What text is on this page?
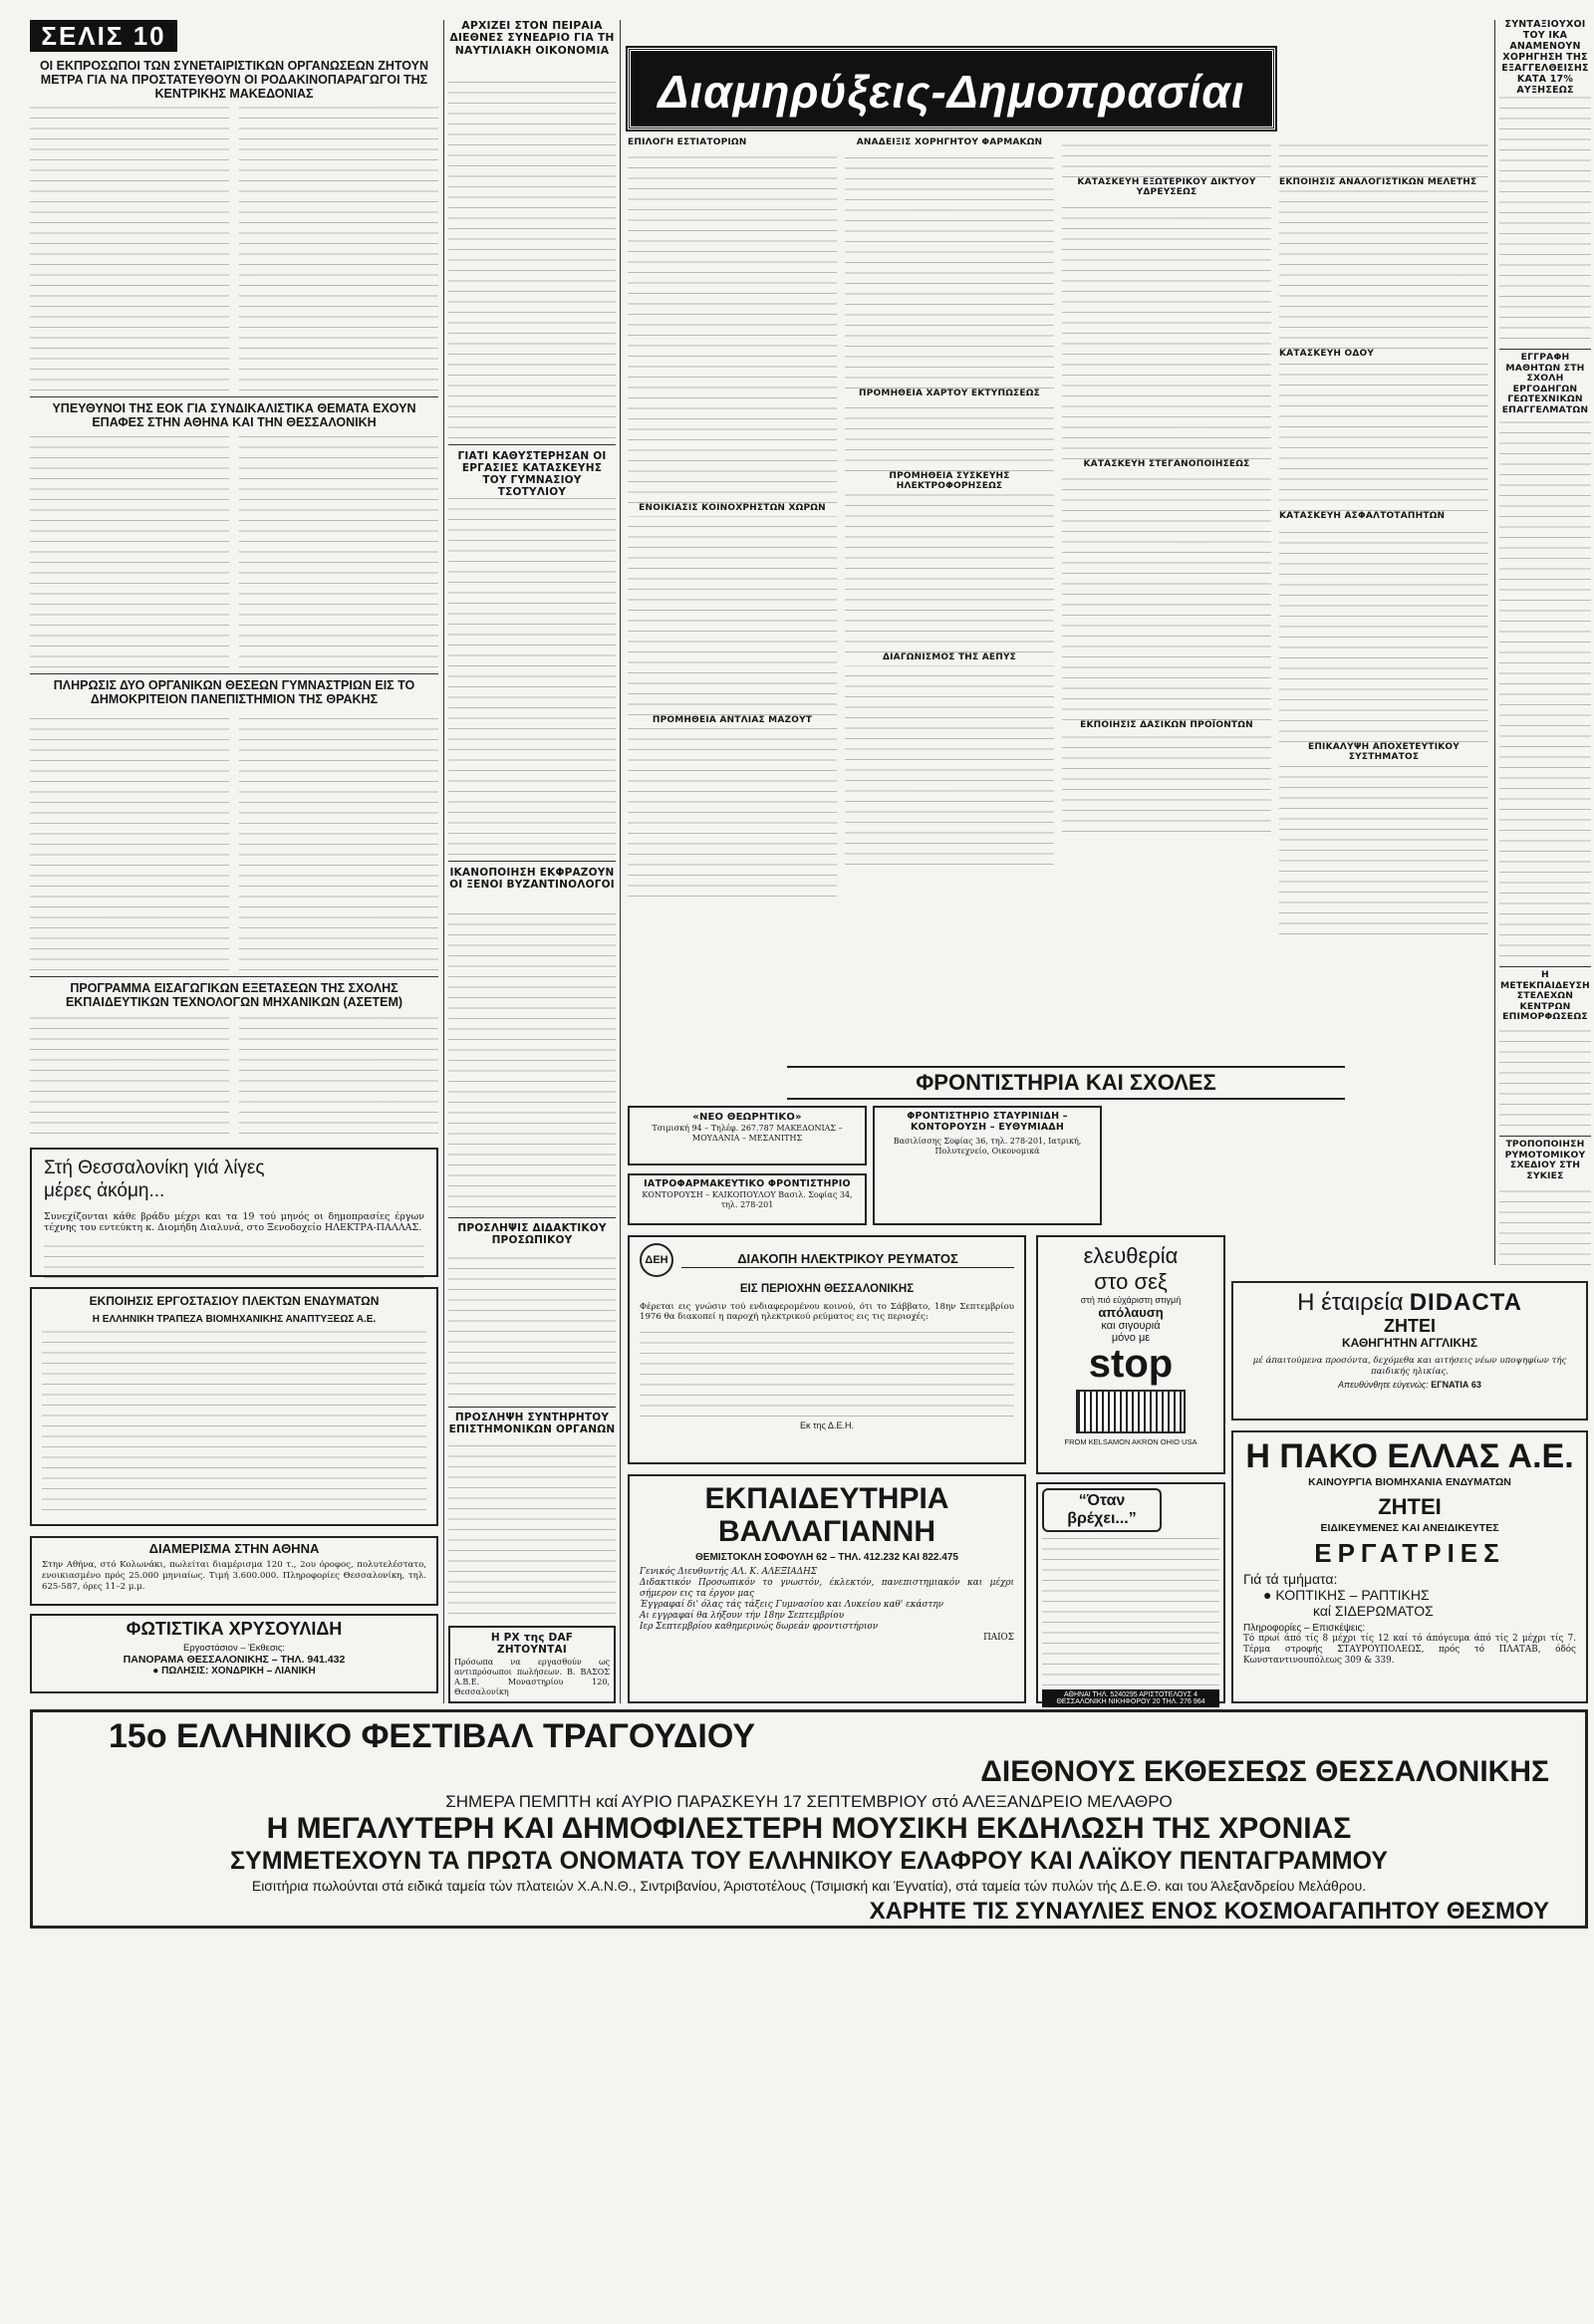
ΣΕΛΙΣ 10
ΟΙ ΕΚΠΡΟΣΩΠΟΙ ΤΩΝ ΣΥΝΕΤΑΙΡΙΣΤΙΚΩΝ ΟΡΓΑΝΩΣΕΩΝ ΖΗΤΟΥΝ ΜΕΤΡΑ ΓΙΑ ΝΑ ΠΡΟΣΤΑΤΕΥΘΟΥΝ ΟΙ ΡΟΔΑΚΙΝΟΠΑΡΑΓΩΓΟΙ ΤΗΣ ΚΕΝΤΡΙΚΗΣ ΜΑΚΕΔΟΝΙΑΣ
ΥΠΕΥΘΥΝΟΙ ΤΗΣ ΕΟΚ ΓΙΑ ΣΥΝΔΙΚΑΛΙΣΤΙΚΑ ΘΕΜΑΤΑ ΕΧΟΥΝ ΕΠΑΦΕΣ ΣΤΗΝ ΑΘΗΝΑ ΚΑΙ ΤΗΝ ΘΕΣΣΑΛΟΝΙΚΗ
ΠΛΗΡΩΣΙΣ ΔΥΟ ΟΡΓΑΝΙΚΩΝ ΘΕΣΕΩΝ ΓΥΜΝΑΣΤΡΙΩΝ ΕΙΣ ΤΟ ΔΗΜΟΚΡΙΤΕΙΟΝ ΠΑΝΕΠΙΣΤΗΜΙΟΝ ΤΗΣ ΘΡΑΚΗΣ
ΠΡΟΓΡΑΜΜΑ ΕΙΣΑΓΩΓΙΚΩΝ ΕΞΕΤΑΣΕΩΝ ΤΗΣ ΣΧΟΛΗΣ ΕΚΠΑΙΔΕΥΤΙΚΩΝ ΤΕΧΝΟΛΟΓΩΝ ΜΗΧΑΝΙΚΩΝ (ΑΣΕΤΕΜ)
Στή Θεσσαλονίκη γιά λίγες μέρες ἀκόμη...
Συνεχίζονται κάθε βράδυ μέχρι και τα 19 τού μηνός οι δημοπρασίες έργων τέχνης του εντεύκτη κ. Διομήδη Διαλυνά, στο Ξενοδοχείο ΗΛΕΚΤΡΑ-ΠΑΛΛΑΣ.
ΕΚΠΟΙΗΣΙΣ ΕΡΓΟΣΤΑΣΙΟΥ ΠΛΕΚΤΩΝ ΕΝΔΥΜΑΤΩΝ
Η ΕΛΛΗΝΙΚΗ ΤΡΑΠΕΖΑ ΒΙΟΜΗΧΑΝΙΚΗΣ ΑΝΑΠΤΥΞΕΩΣ Α.Ε.
ΔΙΑΜΕΡΙΣΜΑ ΣΤΗΝ ΑΘΗΝΑ
Στην Αθήνα, στό Κολωνάκι, πωλείται διαμέρισμα 120 τ., 2ου όροφος, πολυτελέστατο, ενοικιασμένο πρός 25.000 μηνιαίως. Τιμή 3.600.000. Πληροφορίες Θεσσαλονίκη, τηλ. 625-587, όρες 11–2 μ.μ.
ΦΩΤΙΣΤΙΚΑ ΧΡΥΣΟΥΛΙΔΗ
Εργοστάσιον – Έκθεσις:
ΠΑΝΟΡΑΜΑ ΘΕΣΣΑΛΟΝΙΚΗΣ – ΤΗΛ. 941.432
● ΠΩΛΗΣΙΣ: ΧΟΝΔΡΙΚΗ – ΛΙΑΝΙΚΗ
ΑΡΧΙΖΕΙ ΣΤΟΝ ΠΕΙΡΑΙΑ ΔΙΕΘΝΕΣ ΣΥΝΕΔΡΙΟ ΓΙΑ ΤΗ ΝΑΥΤΙΛΙΑΚΗ ΟΙΚΟΝΟΜΙΑ
ΓΙΑΤΙ ΚΑΘΥΣΤΕΡΗΣΑΝ ΟΙ ΕΡΓΑΣΙΕΣ ΚΑΤΑΣΚΕΥΗΣ ΤΟΥ ΓΥΜΝΑΣΙΟΥ ΤΣΟΤΥΛΙΟΥ
ΙΚΑΝΟΠΟΙΗΣΗ ΕΚΦΡΑΖΟΥΝ ΟΙ ΞΕΝΟΙ ΒΥΖΑΝΤΙΝΟΛΟΓΟΙ
ΠΡΟΣΛΗΨΙΣ ΔΙΔΑΚΤΙΚΟΥ ΠΡΟΣΩΠΙΚΟΥ
ΠΡΟΣΛΗΨΗ ΣΥΝΤΗΡΗΤΟΥ ΕΠΙΣΤΗΜΟΝΙΚΩΝ ΟΡΓΑΝΩΝ
Η ΡΧ της DAF ΖΗΤΟΥΝΤΑΙ
Πρόσωπα να εργασθούν ως αντιπρόσωποι πωλήσεων. Β. ΒΑΣΟΣ Α.Β.Ε. Μοναστηρίου 120, Θεσσαλονίκη
Διαμηρύξεις-Δημοπρασίαι
ΕΠΙΛΟΓΗ ΕΣΤΙΑΤΟΡΙΩΝ
ΕΝΟΙΚΙΑΣΙΣ ΚΟΙΝΟΧΡΗΣΤΩΝ ΧΩΡΩΝ
ΠΡΟΜΗΘΕΙΑ ΑΝΤΛΙΑΣ ΜΑΖΟΥΤ
ΑΝΑΔΕΙΞΙΣ ΧΟΡΗΓΗΤΟΥ ΦΑΡΜΑΚΩΝ
ΠΡΟΜΗΘΕΙΑ ΧΑΡΤΟΥ ΕΚΤΥΠΩΣΕΩΣ
ΠΡΟΜΗΘΕΙΑ ΣΥΣΚΕΥΗΣ ΗΛΕΚΤΡΟΦΟΡΗΣΕΩΣ
ΔΙΑΓΩΝΙΣΜΟΣ ΤΗΣ ΑΕΠΥΣ
ΚΑΤΑΣΚΕΥΗ ΕΞΩΤΕΡΙΚΟΥ ΔΙΚΤΥΟΥ ΥΔΡΕΥΣΕΩΣ
ΚΑΤΑΣΚΕΥΗ ΣΤΕΓΑΝΟΠΟΙΗΣΕΩΣ
ΕΚΠΟΙΗΣΙΣ ΔΑΣΙΚΩΝ ΠΡΟΪΟΝΤΩΝ
ΕΚΠΟΙΗΣΙΣ ΑΝΑΛΟΓΙΣΤΙΚΩΝ ΜΕΛΕΤΗΣ
ΚΑΤΑΣΚΕΥΗ ΟΔΟΥ
ΚΑΤΑΣΚΕΥΗ ΑΣΦΑΛΤΟΤΑΠΗΤΩΝ
ΕΠΙΚΑΛΥΨΗ ΑΠΟΧΕΤΕΥΤΙΚΟΥ ΣΥΣΤΗΜΑΤΟΣ
ΣΥΝΤΑΞΙΟΥΧΟΙ ΤΟΥ ΙΚΑ ΑΝΑΜΕΝΟΥΝ ΧΟΡΗΓΗΣΗ ΤΗΣ ΕΞΑΓΓΕΛΘΕΙΣΗΣ ΚΑΤΑ 17% ΑΥΞΗΣΕΩΣ
ΕΓΓΡΑΦΗ ΜΑΘΗΤΩΝ ΣΤΗ ΣΧΟΛΗ ΕΡΓΟΔΗΓΩΝ ΓΕΩΤΕΧΝΙΚΩΝ ΕΠΑΓΓΕΛΜΑΤΩΝ
Η ΜΕΤΕΚΠΑΙΔΕΥΣΗ ΣΤΕΛΕΧΩΝ ΚΕΝΤΡΩΝ ΕΠΙΜΟΡΦΩΣΕΩΣ
ΤΡΟΠΟΠΟΙΗΣΗ ΡΥΜΟΤΟΜΙΚΟΥ ΣΧΕΔΙΟΥ ΣΤΗ ΣΥΚΙΕΣ
ΦΡΟΝΤΙΣΤΗΡΙΑ ΚΑΙ ΣΧΟΛΕΣ
«ΝΕΟ ΘΕΩΡΗΤΙΚΟ»
Τσιμισκή 94 – Τηλέφ. 267.787 ΜΑΚΕΔΟΝΙΑΣ – ΜΟΥΔΑΝΙΑ – ΜΕΣΑΝΙΤΗΣ
ΦΡΟΝΤΙΣΤΗΡΙΟ ΣΤΑΥΡΙΝΙΔΗ – ΚΟΝΤΟΡΟΥΣΗ – ΕΥΘΥΜΙΑΔΗ
Βασιλίσσης Σοφίας 36, τηλ. 278-201, Ιατρική, Πολυτεχνείο, Οικονομικά
ΙΑΤΡΟΦΑΡΜΑΚΕΥΤΙΚΟ ΦΡΟΝΤΙΣΤΗΡΙΟ
ΚΟΝΤΟΡΟΥΣΗ – ΚΑΙΚΟΠΟΥΛΟΥ Βασιλ. Σοφίας 34, τηλ. 278-201
ελευθερία
στο σεξ
στή πιό εύχάριστη στιγμή
απόλαυση
και σιγουριά
μόνο με
stop
FROM KELSAMON AKRON OHIO USA
ΔΕΗ	ΔΙΑΚΟΠΗ ΗΛΕΚΤΡΙΚΟΥ ΡΕΥΜΑΤΟΣ
ΕΙΣ ΠΕΡΙΟΧΗΝ ΘΕΣΣΑΛΟΝΙΚΗΣ
Φέρεται εις γνώσιν τού ενδιαφερομένου κοινού, ότι το Σάββατο, 18ην Σεπτεμβρίου 1976 θα διακοπεί η παροχή ηλεκτρικού ρεύματος εις τις περιοχές:
Εκ της Δ.Ε.Η.
ΕΚΠΑΙΔΕΥΤΗΡΙΑ ΒΑΛΛΑΓΙΑΝΝΗ
ΘΕΜΙΣΤΟΚΛΗ ΣΟΦΟΥΛΗ 62 – ΤΗΛ. 412.232 ΚΑΙ 822.475
Γενικός Διευθυντής ΑΛ. Κ. ΑΛΕΞΙΑΔΗΣ
Διδακτικόν Προσωπικόν το γνωστόν, έκλεκτόν, πανεπιστημιακόν και μέχρι σήμερον εις τα έργον μας
Έγγραφαί δι' όλας τάς τάξεις Γυμνασίου και Λυκείου καθ' εκάστην
Αι εγγραφαί θα λήξουν τήν 18ην Σεπτεμβρίου
Ιερ Σεπτεμβρίου καθημερινώς δωρεάν φροντιστήριον
ΠΑΙΟΣ
“Όταν βρέχει...”
ΑΘΗΝΑΙ ΤΗΛ. 5240295 ΑΡΙΣΤΟΤΕΛΟΥΣ 4 ΘΕΣΣΑΛΟΝΙΚΗ ΝΙΚΗΦΟΡΟΥ 20 ΤΗΛ. 276 964
Η έταιρεία DIDACTA
ΖΗΤΕΙ
ΚΑΘΗΓΗΤΗΝ ΑΓΓΛΙΚΗΣ
μέ άπαιτούμενα προσόντα, δεχόμεθα και αιτήσεις νέων υποψηφίων τής παιδικής ηλικίας.
Απευθύνθητε εύγενώς: ΕΓΝΑΤΙΑ 63
Η ΠΑΚΟ ΕΛΛΑΣ Α.Ε.
ΚΑΙΝΟΥΡΓΙΑ ΒΙΟΜΗΧΑΝΙΑ ΕΝΔΥΜΑΤΩΝ
ΖΗΤΕΙ
ΕΙΔΙΚΕΥΜΕΝΕΣ ΚΑΙ ΑΝΕΙΔΙΚΕΥΤΕΣ
ΕΡΓΑΤΡΙΕΣ
Γιά τά τμήματα:
● ΚΟΠΤΙΚΗΣ – ΡΑΠΤΙΚΗΣ
καί ΣΙΔΕΡΩΜΑΤΟΣ
Πληροφορίες – Επισκέψεις:
Τό πρωί άπό τίς 8 μέχρι τίς 12 καί τό άπόγευμα άπό τίς 2 μέχρι τίς 7. Τέρμα στροφής ΣΤΑΥΡΟΥΠΟΛΕΩΣ, πρός τό ΠΛΑΤΑΒ, όδός Κωνσταντινουπόλεως 309 & 339.
15ο ΕΛΛΗΝΙΚΟ ΦΕΣΤΙΒΑΛ ΤΡΑΓΟΥΔΙΟΥ
ΔΙΕΘΝΟΥΣ ΕΚΘΕΣΕΩΣ ΘΕΣΣΑΛΟΝΙΚΗΣ
ΣΗΜΕΡΑ ΠΕΜΠΤΗ καί ΑΥΡΙΟ ΠΑΡΑΣΚΕΥΗ 17 ΣΕΠΤΕΜΒΡΙΟΥ στό ΑΛΕΞΑΝΔΡΕΙΟ ΜΕΛΑΘΡΟ
Η ΜΕΓΑΛΥΤΕΡΗ ΚΑΙ ΔΗΜΟΦΙΛΕΣΤΕΡΗ ΜΟΥΣΙΚΗ ΕΚΔΗΛΩΣΗ ΤΗΣ ΧΡΟΝΙΑΣ
ΣΥΜΜΕΤΕΧΟΥΝ ΤΑ ΠΡΩΤΑ ΟΝΟΜΑΤΑ ΤΟΥ ΕΛΛΗΝΙΚΟΥ ΕΛΑΦΡΟΥ ΚΑΙ ΛΑΪΚΟΥ ΠΕΝΤΑΓΡΑΜΜΟΥ
Εισιτήρια πωλούνται στά ειδικά ταμεία τών πλατειών Χ.Α.Ν.Θ., Σιντριβανίου, Άριστοτέλους (Τσιμισκή και Έγνατία), στά ταμεία τών πυλών τής Δ.Ε.Θ. και του Άλεξανδρείου Μελάθρου.
ΧΑΡΗΤΕ ΤΙΣ ΣΥΝΑΥΛΙΕΣ ΕΝΟΣ ΚΟΣΜΟΑΓΑΠΗΤΟΥ ΘΕΣΜΟΥ
